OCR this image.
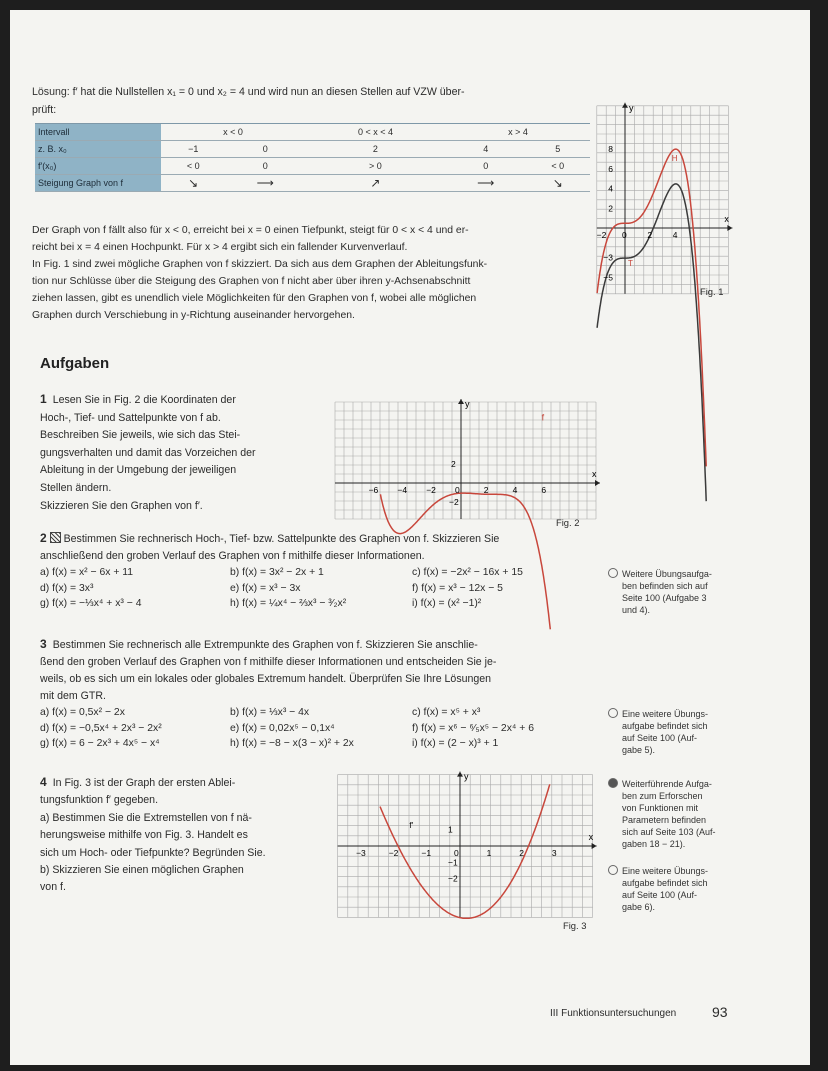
Lösung: f′ hat die Nullstellen x₁ = 0 und x₂ = 4 und wird nun an diesen Stellen auf VZW über-
prüft:
Intervall	x < 0		0 < x < 4			x > 4	
z. B. x₀	−1	0		2		4	5
f′(x₀)	< 0	0		> 0		0	< 0
Steigung Graph von f	↘	⟶		↗		⟶	↘
Der Graph von f fällt also für x < 0, erreicht bei x = 0 einen Tiefpunkt, steigt für 0 < x < 4 und er-
reicht bei x = 4 einen Hochpunkt. Für x > 4 ergibt sich ein fallender Kurvenverlauf.
In Fig. 1 sind zwei mögliche Graphen von f skizziert. Da sich aus dem Graphen der Ableitungsfunk-
tion nur Schlüsse über die Steigung des Graphen von f nicht aber über ihren y-Achsenabschnitt
ziehen lassen, gibt es unendlich viele Möglichkeiten für den Graphen von f, wobei alle möglichen
Graphen durch Verschiebung in y-Richtung auseinander hervorgehen.
x
y
8
6
4
2
−3
−5
−2 0 2 4
H
T
Fig. 1
Aufgaben
1 Lesen Sie in Fig. 2 die Koordinaten der
Hoch-, Tief- und Sattelpunkte von f ab.
Beschreiben Sie jeweils, wie sich das Stei-
gungsverhalten und damit das Vorzeichen der
Ableitung in der Umgebung der jeweiligen
Stellen ändern.
Skizzieren Sie den Graphen von f′.
x
y
−6 −4 −2 0	2	4	6
2
−2
f
Fig. 2
2 Bestimmen Sie rechnerisch Hoch-, Tief- bzw. Sattelpunkte des Graphen von f. Skizzieren Sie
anschließend den groben Verlauf des Graphen von f mithilfe dieser Informationen.
a) f(x) = x² − 6x + 11	b) f(x) = 3x² − 2x + 1	c) f(x) = −2x² − 16x + 15
d) f(x) = 3x³	e) f(x) = x³ − 3x	f) f(x) = x³ − 12x − 5
g) f(x) = −⅓x⁴ + x³ − 4	h) f(x) = ¼x⁴ − ⅔x³ − ³⁄₂x²	i) f(x) = (x² −1)²
3 Bestimmen Sie rechnerisch alle Extrempunkte des Graphen von f. Skizzieren Sie anschlie-
ßend den groben Verlauf des Graphen von f mithilfe dieser Informationen und entscheiden Sie je-
weils, ob es sich um ein lokales oder globales Extremum handelt. Überprüfen Sie Ihre Lösungen
mit dem GTR.
a) f(x) = 0,5x² − 2x	b) f(x) = ⅓x³ − 4x	c) f(x) = x⁵ + x³
d) f(x) = −0,5x⁴ + 2x³ − 2x²	e) f(x) = 0,02x⁵ − 0,1x⁴	f) f(x) = x⁶ − ⁶⁄₅x⁵ − 2x⁴ + 6
g) f(x) = 6 − 2x³ + 4x⁵ − x⁴	h) f(x) = −8 − x(3 − x)² + 2x	i) f(x) = (2 − x)³ + 1
4 In Fig. 3 ist der Graph der ersten Ablei-
tungsfunktion f′ gegeben.
a) Bestimmen Sie die Extremstellen von f nä-
herungsweise mithilfe von Fig. 3. Handelt es
sich um Hoch- oder Tiefpunkte? Begründen Sie.
b) Skizzieren Sie einen möglichen Graphen
von f.
x
y
−3	−2	−1	0	1	2	3
1
−1
−2
f′
Fig. 3
Weitere Übungsaufga-
ben befinden sich auf
Seite 100 (Aufgabe 3
und 4).
Eine weitere Übungs-
aufgabe befindet sich
auf Seite 100 (Auf-
gabe 5).
Weiterführende Aufga-
ben zum Erforschen
von Funktionen mit
Parametern befinden
sich auf Seite 103 (Auf-
gaben 18 − 21).
Eine weitere Übungs-
aufgabe befindet sich
auf Seite 100 (Auf-
gabe 6).
III Funktionsuntersuchungen	93
